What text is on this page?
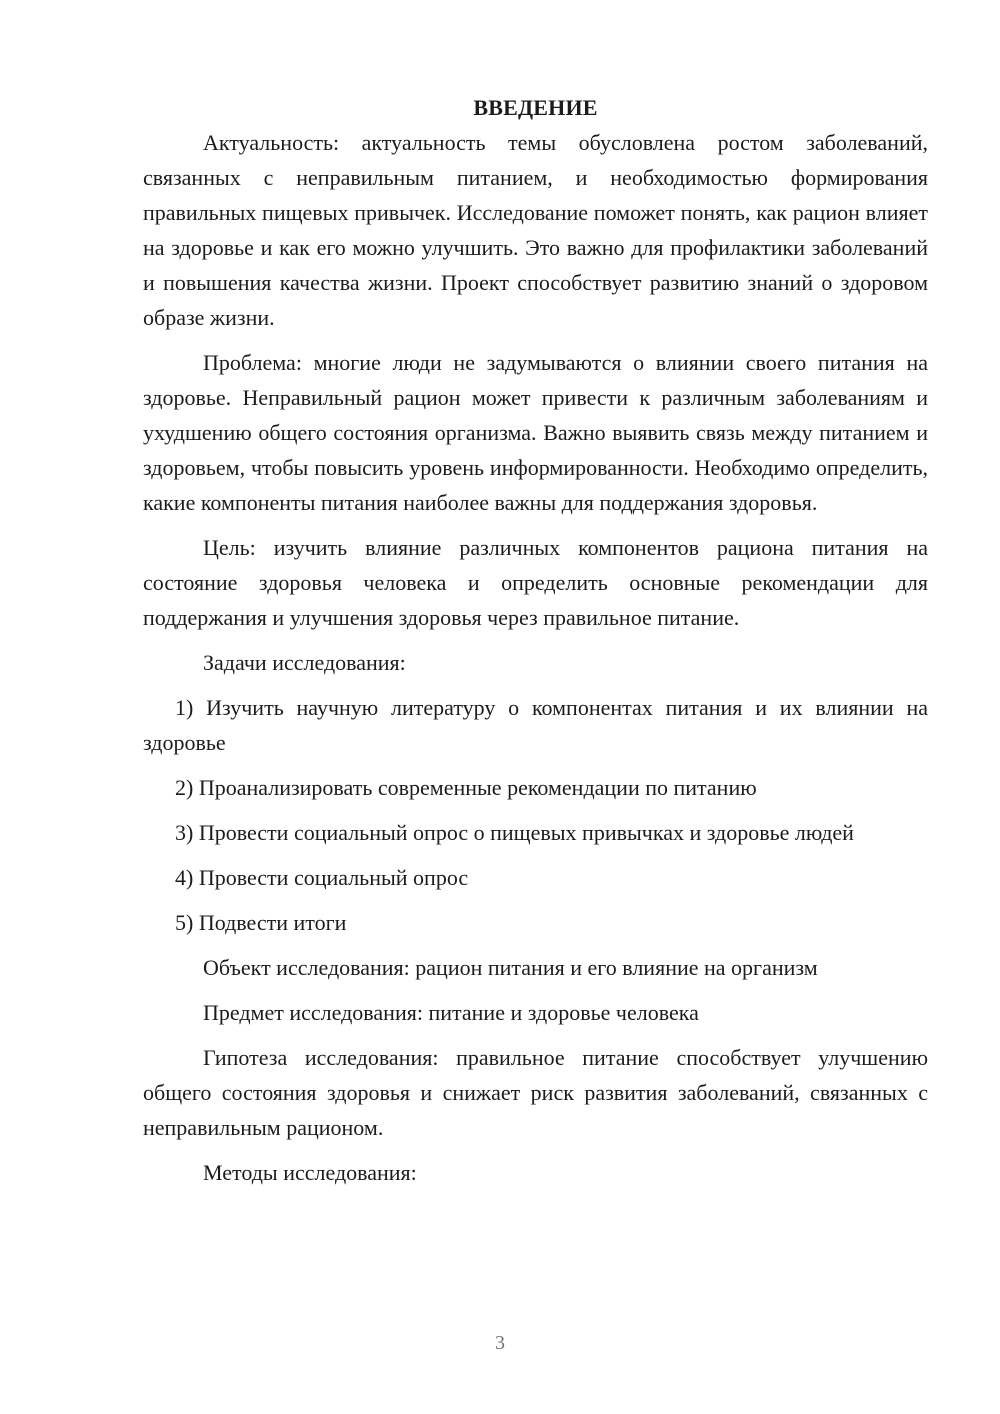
ВВЕДЕНИЕ

Актуальность: актуальность темы обусловлена ростом заболеваний, связанных с неправильным питанием, и необходимостью формирования правильных пищевых привычек. Исследование поможет понять, как рацион влияет на здоровье и как его можно улучшить. Это важно для профилактики заболеваний и повышения качества жизни. Проект способствует развитию знаний о здоровом образе жизни.

Проблема: многие люди не задумываются о влиянии своего питания на здоровье. Неправильный рацион может привести к различным заболеваниям и ухудшению общего состояния организма. Важно выявить связь между питанием и здоровьем, чтобы повысить уровень информированности. Необходимо определить, какие компоненты питания наиболее важны для поддержания здоровья.

Цель: изучить влияние различных компонентов рациона питания на состояние здоровья человека и определить основные рекомендации для поддержания и улучшения здоровья через правильное питание.

Задачи исследования:

1) Изучить научную литературу о компонентах питания и их влиянии на здоровье

2) Проанализировать современные рекомендации по питанию

3) Провести социальный опрос о пищевых привычках и здоровье людей

4) Провести социальный опрос

5) Подвести итоги

Объект исследования: рацион питания и его влияние на организм

Предмет исследования: питание и здоровье человека

Гипотеза исследования: правильное питание способствует улучшению общего состояния здоровья и снижает риск развития заболеваний, связанных с неправильным рационом.

Методы исследования:

3
